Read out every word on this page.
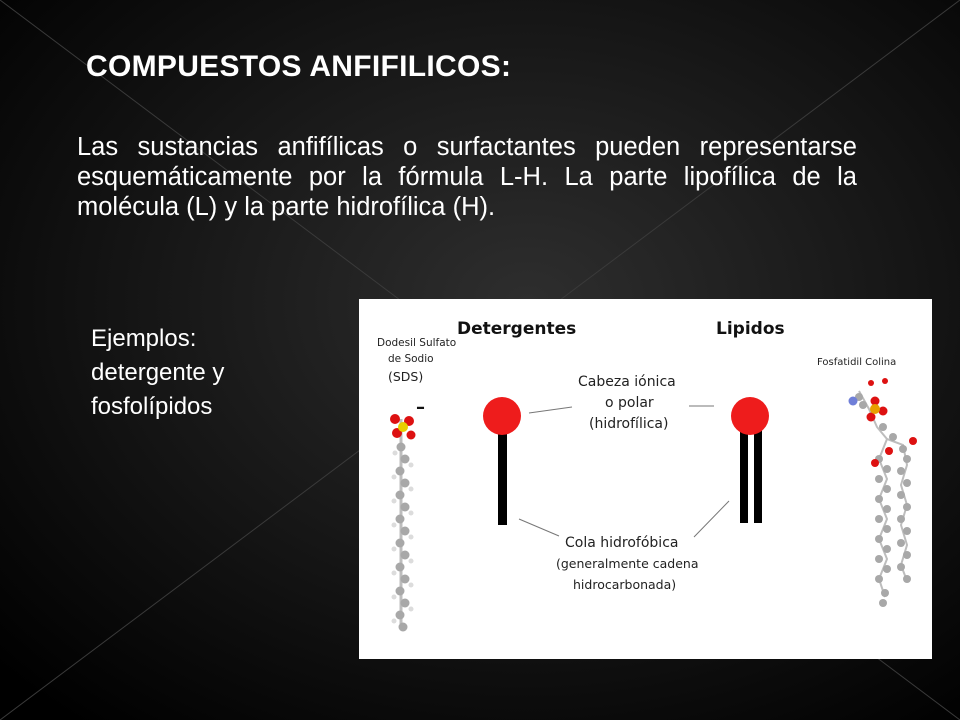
COMPUESTOS ANFIFILICOS:

Las sustancias anfifílicas o surfactantes pueden representarse esquemáticamente por la fórmula L-H. La parte lipofílica de la molécula (L) y la parte hidrofílica (H).

Ejemplos:
detergente y
fosfolípidos
Detergentes	Lipidos
Dodesil Sulfato
de Sodio
(SDS)
–
Fosfatidil Colina
Cabeza iónica
o polar
(hidrofílica)
Cola hidrofóbica
(generalmente cadena
hidrocarbonada)
